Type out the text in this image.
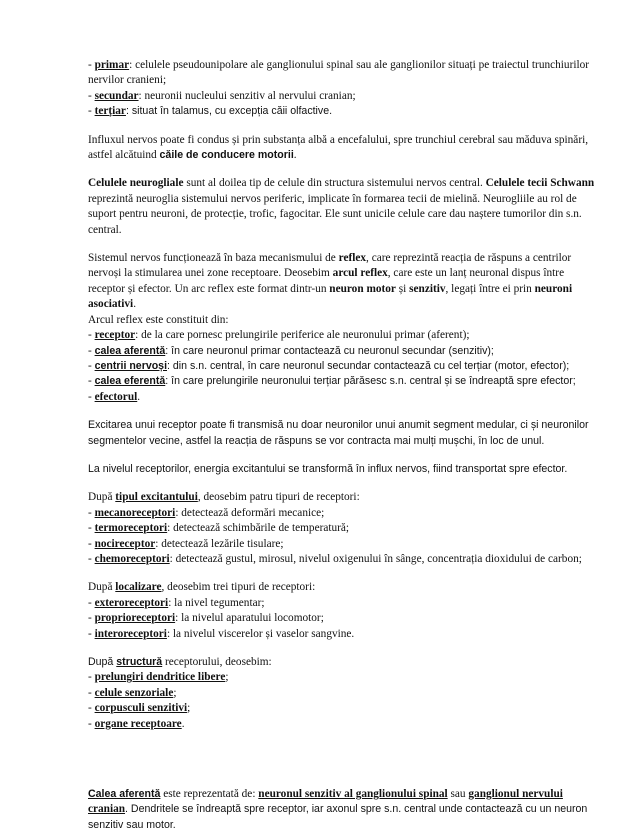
- primar: celulele pseudounipolare ale ganglionului spinal sau ale ganglionilor situați pe traiectul trunchiurilor nervilor cranieni;

- secundar: neuronii nucleului senzitiv al nervului cranian;

- terțiar: situat în talamus, cu excepția căii olfactive.

Influxul nervos poate fi condus și prin substanța albă a encefalului, spre trunchiul cerebral sau măduva spinări, astfel alcătuind căile de conducere motorii.

Celulele neurogliale sunt al doilea tip de celule din structura sistemului nervos central. Celulele tecii Schwann reprezintă neuroglia sistemului nervos periferic, implicate în formarea tecii de mielină. Neurogliile au rol de suport pentru neuroni, de protecție, trofic, fagocitar. Ele sunt unicile celule care dau naștere tumorilor din s.n. central.

Sistemul nervos funcționează în baza mecanismului de reflex, care reprezintă reacția de răspuns a centrilor nervoși la stimularea unei zone receptoare. Deosebim arcul reflex, care este un lanț neuronal dispus între receptor și efector. Un arc reflex este format dintr-un neuron motor și senzitiv, legați între ei prin neuroni asociativi.

Arcul reflex este constituit din:

- receptor: de la care pornesc prelungirile periferice ale neuronului primar (aferent);

- calea aferentă: în care neuronul primar contactează cu neuronul secundar (senzitiv);

- centrii nervoși: din s.n. central, în care neuronul secundar contactează cu cel terțiar (motor, efector);

- calea eferentă: în care prelungirile neuronului terțiar părăsesc s.n. central și se îndreaptă spre efector;

- efectorul.

Excitarea unui receptor poate fi transmisă nu doar neuronilor unui anumit segment medular, ci și neuronilor segmentelor vecine, astfel la reacția de răspuns se vor contracta mai mulți mușchi, în loc de unul.

La nivelul receptorilor, energia excitantului se transformă în influx nervos, fiind transportat spre efector.

După tipul excitantului, deosebim patru tipuri de receptori:

- mecanoreceptori: detectează deformări mecanice;

- termoreceptori: detectează schimbările de temperatură;

- nocireceptor: detectează lezările tisulare;

- chemoreceptori: detectează gustul, mirosul, nivelul oxigenului în sânge, concentrația dioxidului de carbon;

După localizare, deosebim trei tipuri de receptori:

- exteroreceptori: la nivel tegumentar;

- proprioreceptori: la nivelul aparatului locomotor;

- interoreceptori: la nivelul viscerelor și vaselor sangvine.

După structură receptorului, deosebim:

- prelungiri dendritice libere;

- celule senzoriale;

- corpusculi senzitivi;

- organe receptoare.

Calea aferentă este reprezentată de: neuronul senzitiv al ganglionului spinal sau ganglionul nervului cranian. Dendritele se îndreaptă spre receptor, iar axonul spre s.n. central unde contactează cu un neuron senzitiv sau motor.
